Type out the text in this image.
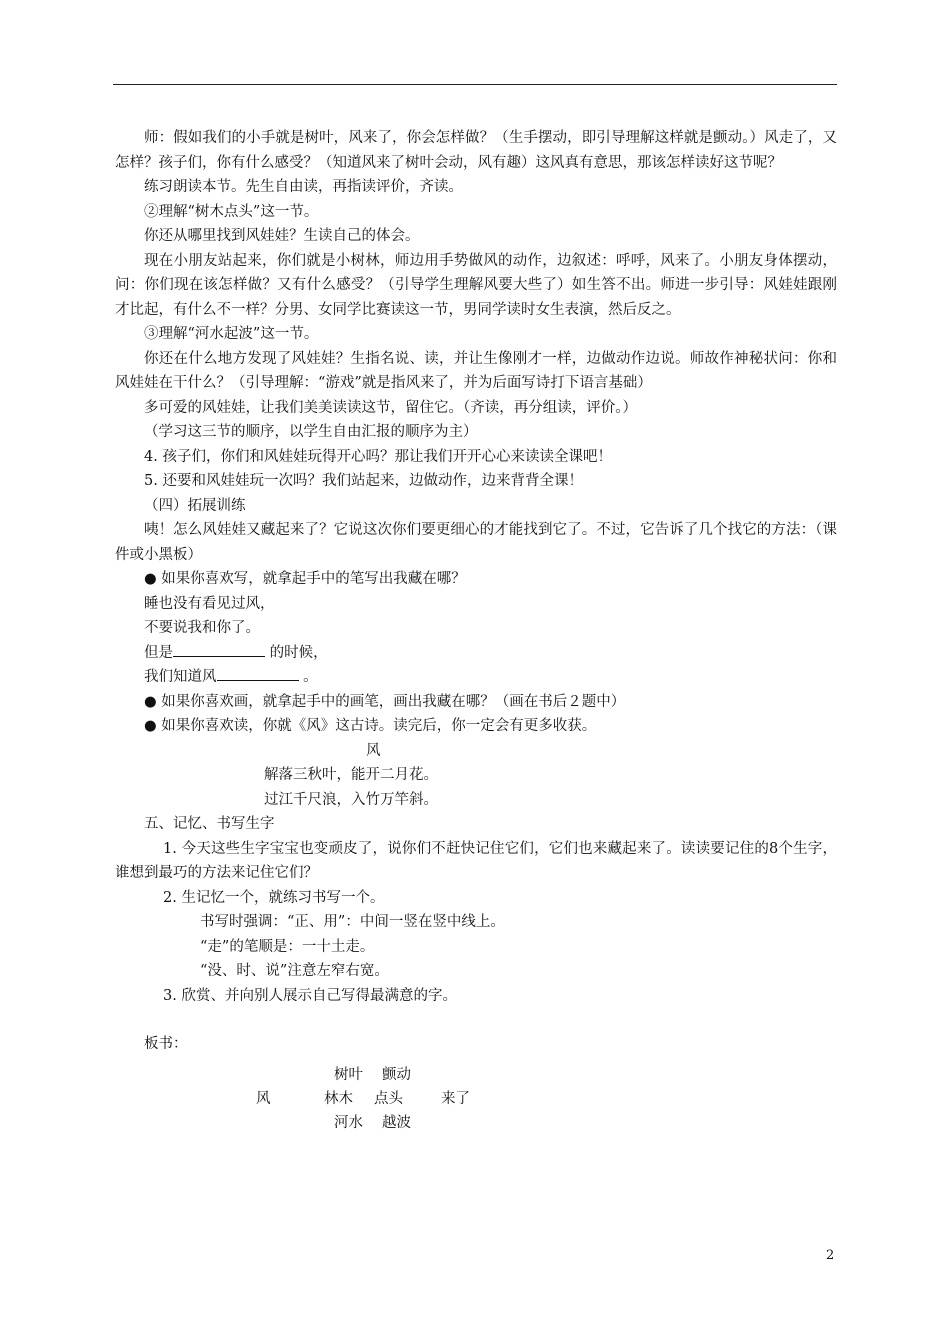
师：假如我们的小手就是树叶，风来了，你会怎样做？（生手摆动，即引导理解这样就是颤动。）风走了，又怎样？孩子们，你有什么感受？（知道风来了树叶会动，风有趣）这风真有意思，那该怎样读好这节呢？

练习朗读本节。先生自由读，再指读评价，齐读。

②理解“树木点头”这一节。

你还从哪里找到风娃娃？生读自己的体会。

现在小朋友站起来，你们就是小树林，师边用手势做风的动作，边叙述：呼呼，风来了。小朋友身体摆动，问：你们现在该怎样做？又有什么感受？（引导学生理解风要大些了）如生答不出。师进一步引导：风娃娃跟刚才比起，有什么不一样？分男、女同学比赛读这一节，男同学读时女生表演，然后反之。

③理解“河水起波”这一节。

你还在什么地方发现了风娃娃？生指名说、读，并让生像刚才一样，边做动作边说。师故作神秘状问：你和风娃娃在干什么？（引导理解：“游戏”就是指风来了，并为后面写诗打下语言基础）

多可爱的风娃娃，让我们美美读读这节，留住它。（齐读，再分组读，评价。）

（学习这三节的顺序，以学生自由汇报的顺序为主）

4. 孩子们，你们和风娃娃玩得开心吗？那让我们开开心心来读读全课吧！

5. 还要和风娃娃玩一次吗？我们站起来，边做动作，边来背背全课！

（四）拓展训练

咦！怎么风娃娃又藏起来了？它说这次你们要更细心的才能找到它了。不过，它告诉了几个找它的方法：（课件或小黑板）

● 如果你喜欢写，就拿起手中的笔写出我藏在哪？

睡也没有看见过风，

不要说我和你了。

但是	的时候，

我们知道风	。

● 如果你喜欢画，就拿起手中的画笔，画出我藏在哪？（画在书后２题中）

● 如果你喜欢读，你就《风》这古诗。读完后，你一定会有更多收获。

风

解落三秋叶，能开二月花。

过江千尺浪，入竹万竿斜。

五、记忆、书写生字

1. 今天这些生字宝宝也变顽皮了，说你们不赶快记住它们，它们也来藏起来了。读读要记住的8个生字，谁想到最巧的方法来记住它们？

2. 生记忆一个，就练习书写一个。

书写时强调：“正、用”：中间一竖在竖中线上。

“走”的笔顺是：一十土走。

“没、时、说”注意左窄右宽。

3. 欣赏、并向别人展示自己写得最满意的字。

板书：

树叶 颤动
风	林木 点头	来了
河水 越波
2
